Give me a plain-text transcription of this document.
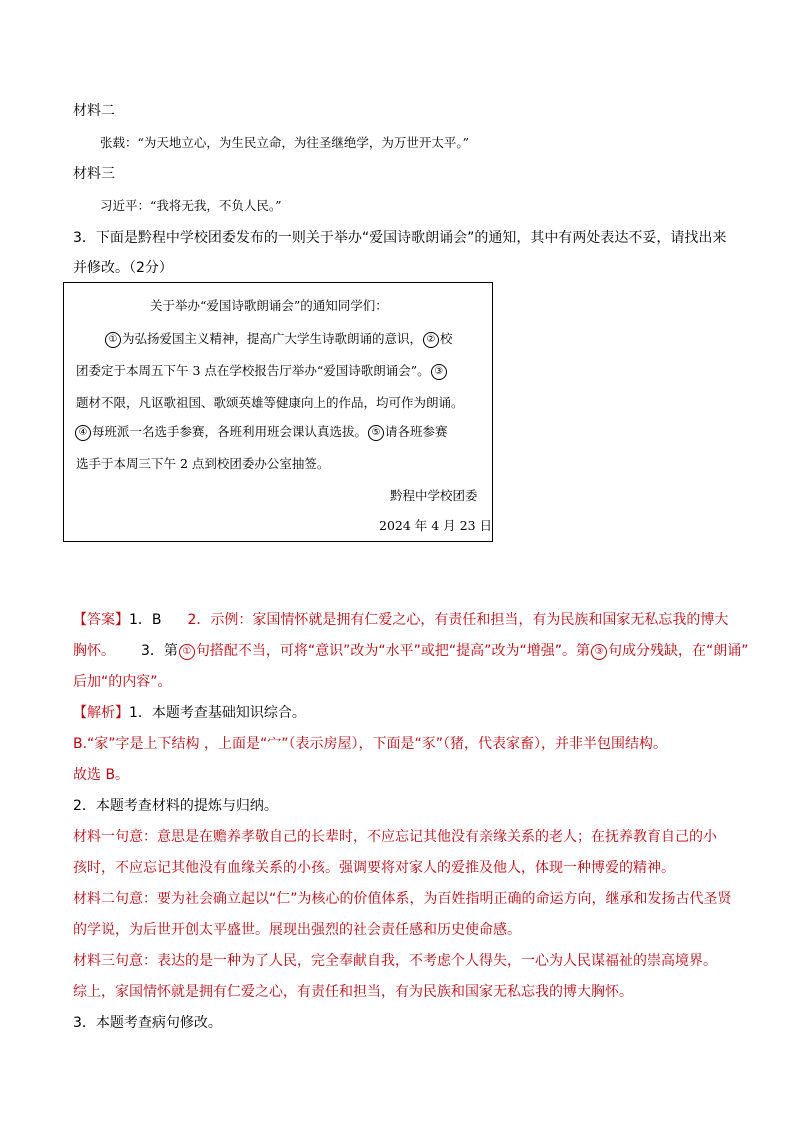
材料二
张载：“为天地立心，为生民立命，为往圣继绝学，为万世开太平。”
材料三
习近平：“我将无我，不负人民。”
3．下面是黔程中学校团委发布的一则关于举办“爱国诗歌朗诵会”的通知，其中有两处表达不妥，请找出来
并修改。（2分）
关于举办“爱国诗歌朗诵会”的通知同学们：
① 为弘扬爱国主义精神，提高广大学生诗歌朗诵的意识， ② 校
团委定于本周五下午 3 点在学校报告厅举办“爱国诗歌朗诵会”。 ③
题材不限，凡讴歌祖国、歌颂英雄等健康向上的作品，均可作为朗诵。
④ 每班派一名选手参赛，各班利用班会课认真选拔。 ⑤ 请各班参赛
选手于本周三下午 2 点到校团委办公室抽签。
黔程中学校团委
2024 年 4 月 23 日
【答案】1．B 2．示例：家国情怀就是拥有仁爱之心，有责任和担当，有为民族和国家无私忘我的博大
胸怀。 3．第 ① 句搭配不当，可将“意识”改为“水平”或把“提高”改为“增强”。第 ③ 句成分残缺，在“朗诵”
后加“的内容”。
【解析】1．本题考查基础知识综合。
B.“家”字是上下结构 ，上面是“宀”（表示房屋），下面是“豕”（猪，代表家畜），并非半包围结构。
故选 B。
2．本题考查材料的提炼与归纳。
材料一句意：意思是在赡养孝敬自己的长辈时，不应忘记其他没有亲缘关系的老人；在抚养教育自己的小
孩时，不应忘记其他没有血缘关系的小孩。强调要将对家人的爱推及他人，体现一种博爱的精神。
材料二句意：要为社会确立起以“仁”为核心的价值体系，为百姓指明正确的命运方向，继承和发扬古代圣贤
的学说，为后世开创太平盛世。展现出强烈的社会责任感和历史使命感。
材料三句意：表达的是一种为了人民，完全奉献自我，不考虑个人得失，一心为人民谋福祉的崇高境界。
综上，家国情怀就是拥有仁爱之心，有责任和担当，有为民族和国家无私忘我的博大胸怀。
3．本题考查病句修改。
